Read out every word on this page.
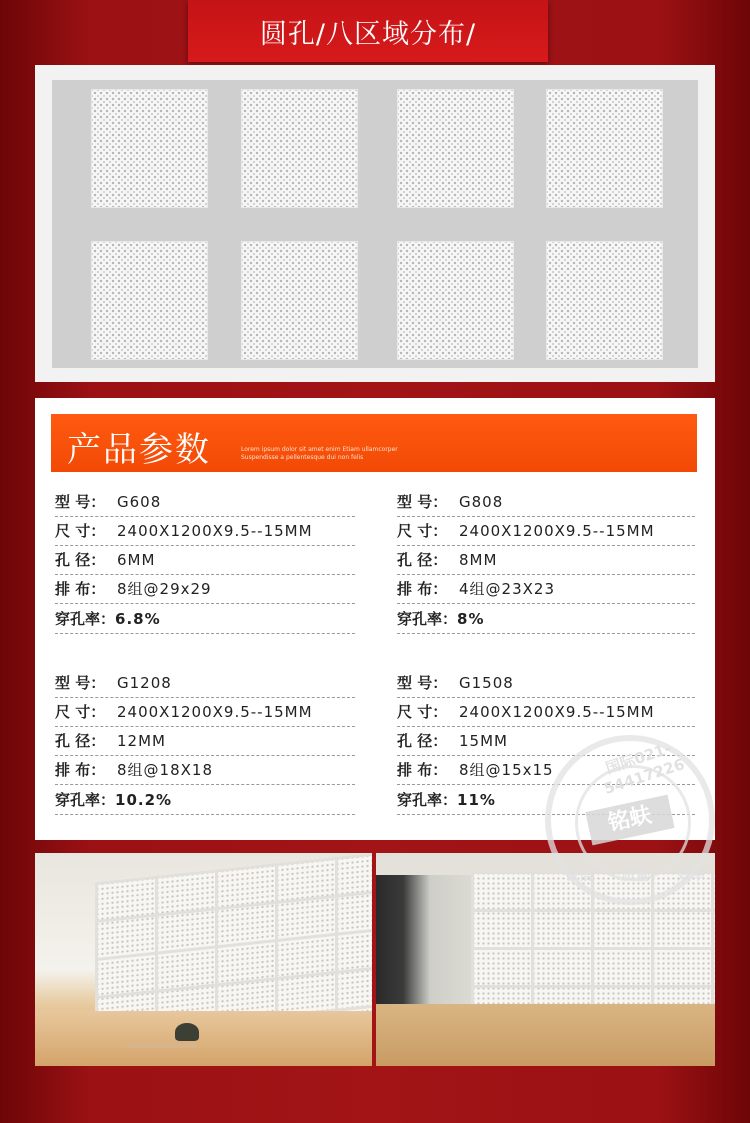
圆孔/八区域分布/
产品参数	Lorem ipsum dolor sit amet enim Etiam ullamcorper
Suspendisse a pellentesque dui non felis
型 号： G608
尺 寸： 2400X1200X9.5--15MM
孔 径： 6MM
排 布： 8组@29x29
穿孔率：6.8%
型 号： G808
尺 寸： 2400X1200X9.5--15MM
孔 径： 8MM
排 布： 4组@23X23
穿孔率：8%
型 号： G1208
尺 寸： 2400X1200X9.5--15MM
孔 径： 12MM
排 布： 8组@18X18
穿孔率：10.2%
型 号： G1508
尺 寸： 2400X1200X9.5--15MM
孔 径： 15MM
排 布： 8组@15x15
穿孔率：11%
国际021-54417226
铭蚨
诚信 质量 效率
